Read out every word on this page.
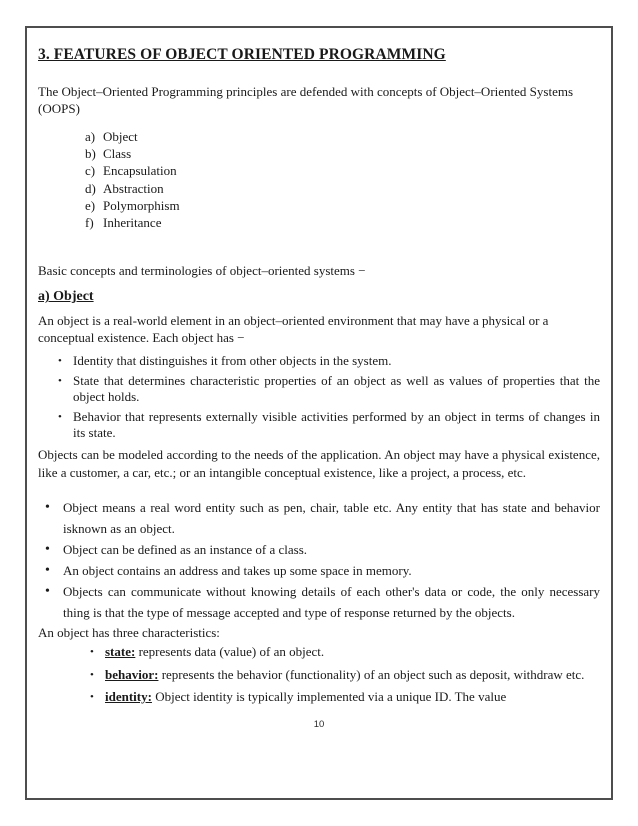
3. FEATURES OF OBJECT ORIENTED PROGRAMMING

The Object–Oriented Programming principles are defended with concepts of Object–Oriented Systems (OOPS)

a) Object
b) Class
c) Encapsulation
d) Abstraction
e) Polymorphism
f) Inheritance

Basic concepts and terminologies of object–oriented systems −

a) Object

An object is a real-world element in an object–oriented environment that may have a physical or a conceptual existence. Each object has −

• Identity that distinguishes it from other objects in the system.
• State that determines characteristic properties of an object as well as values of properties that the object holds.
• Behavior that represents externally visible activities performed by an object in terms of changes in its state.

Objects can be modeled according to the needs of the application. An object may have a physical existence, like a customer, a car, etc.; or an intangible conceptual existence, like a project, a process, etc.

•	Object means a real word entity such as pen, chair, table etc. Any entity that has state and behavior isknown as an object.
•	Object can be defined as an instance of a class.
•	An object contains an address and takes up some space in memory.
•	Objects can communicate without knowing details of each other's data or code, the only necessary thing is that the type of message accepted and type of response returned by the objects.

An object has three characteristics:

• state: represents data (value) of an object.
• behavior: represents the behavior (functionality) of an object such as deposit, withdraw etc.
• identity: Object identity is typically implemented via a unique ID. The value
10
